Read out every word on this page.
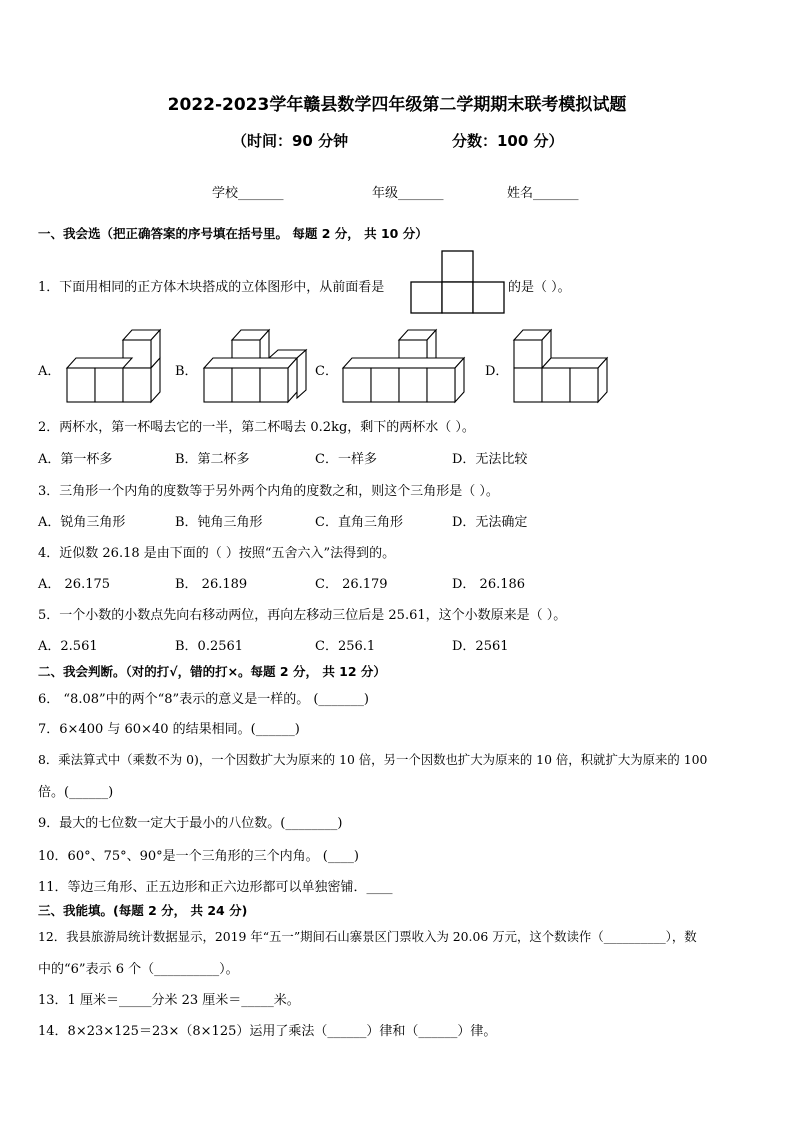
2022-2023学年赣县数学四年级第二学期期末联考模拟试题
（时间：90 分钟	分数：100 分）
学校_______	年级_______	姓名_______
一、我会选（把正确答案的序号填在括号里。 每题 2 分， 共 10 分）
1．下面用相同的正方体木块搭成的立体图形中，从前面看是	的是（ ）。
A．	B．	C．	D．
2．两杯水，第一杯喝去它的一半，第二杯喝去 0.2kg，剩下的两杯水（ ）。
A．第一杯多	B．第二杯多	C．一样多	D．无法比较
3．三角形一个内角的度数等于另外两个内角的度数之和，则这个三角形是（ ）。
A．锐角三角形	B．钝角三角形	C．直角三角形	D．无法确定
4．近似数 26.18 是由下面的（ ）按照“五舍六入”法得到的。
A． 26.175	B． 26.189	C． 26.179	D． 26.186
5．一个小数的小数点先向右移动两位，再向左移动三位后是 25.61，这个小数原来是（ ）。
A．2.561	B．0.2561	C．256.1	D．2561
二、我会判断。（对的打√，错的打×。每题 2 分， 共 12 分）
6． “8.08”中的两个“8”表示的意义是一样的。 (_______)
7．6×400 与 60×40 的结果相同。(______)
8．乘法算式中（乘数不为 0)，一个因数扩大为原来的 10 倍，另一个因数也扩大为原来的 10 倍，积就扩大为原来的 100
倍。(______)
9．最大的七位数一定大于最小的八位数。(________)
10．60°、75°、90°是一个三角形的三个内角。 (____)
11．等边三角形、正五边形和正六边形都可以单独密铺．____
三、我能填。(每题 2 分， 共 24 分)
12．我县旅游局统计数据显示，2019 年“五一”期间石山寨景区门票收入为 20.06 万元，这个数读作（__________），数
中的“6”表示 6 个（__________）。
13．1 厘米＝_____分米 23 厘米＝_____米。
14．8×23×125＝23×（8×125）运用了乘法（______）律和（______）律。
